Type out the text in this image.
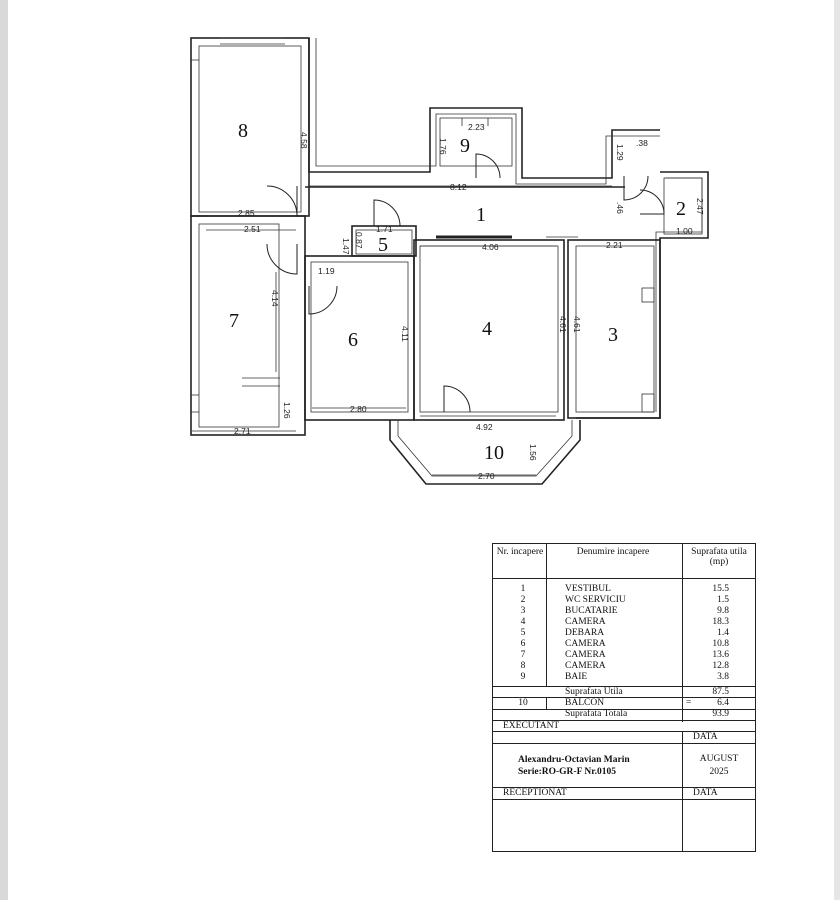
4.58
2.23
1.76
8.12
.38
1.29
2.47
.46
1.00
2.85
2.51	1.71
0.87
1.47	4.06	2.21
1.19
4.14
4.11
4.61 4.61
2.80
1.26
2.71	4.92
1.56
2.70
1	2
3
4
5
6
7
8
9
10
Nr. incapere	Denumire incapere	Suprafata utila (mp)
1	VESTIBUL	15.5
2	WC SERVICIU	1.5
3	BUCATARIE	9.8
4	CAMERA	18.3
5	DEBARA	1.4
6	CAMERA	10.8
7	CAMERA	13.6
8	CAMERA	12.8
9	BAIE	3.8
Suprafata Utila	87.5
10	BALCON	=	6.4
Suprafata Totala	93.9
EXECUTANT
DATA
Alexandru-Octavian Marin
Serie:RO-GR-F Nr.0105
AUGUST
2025
RECEPTIONAT	DATA
